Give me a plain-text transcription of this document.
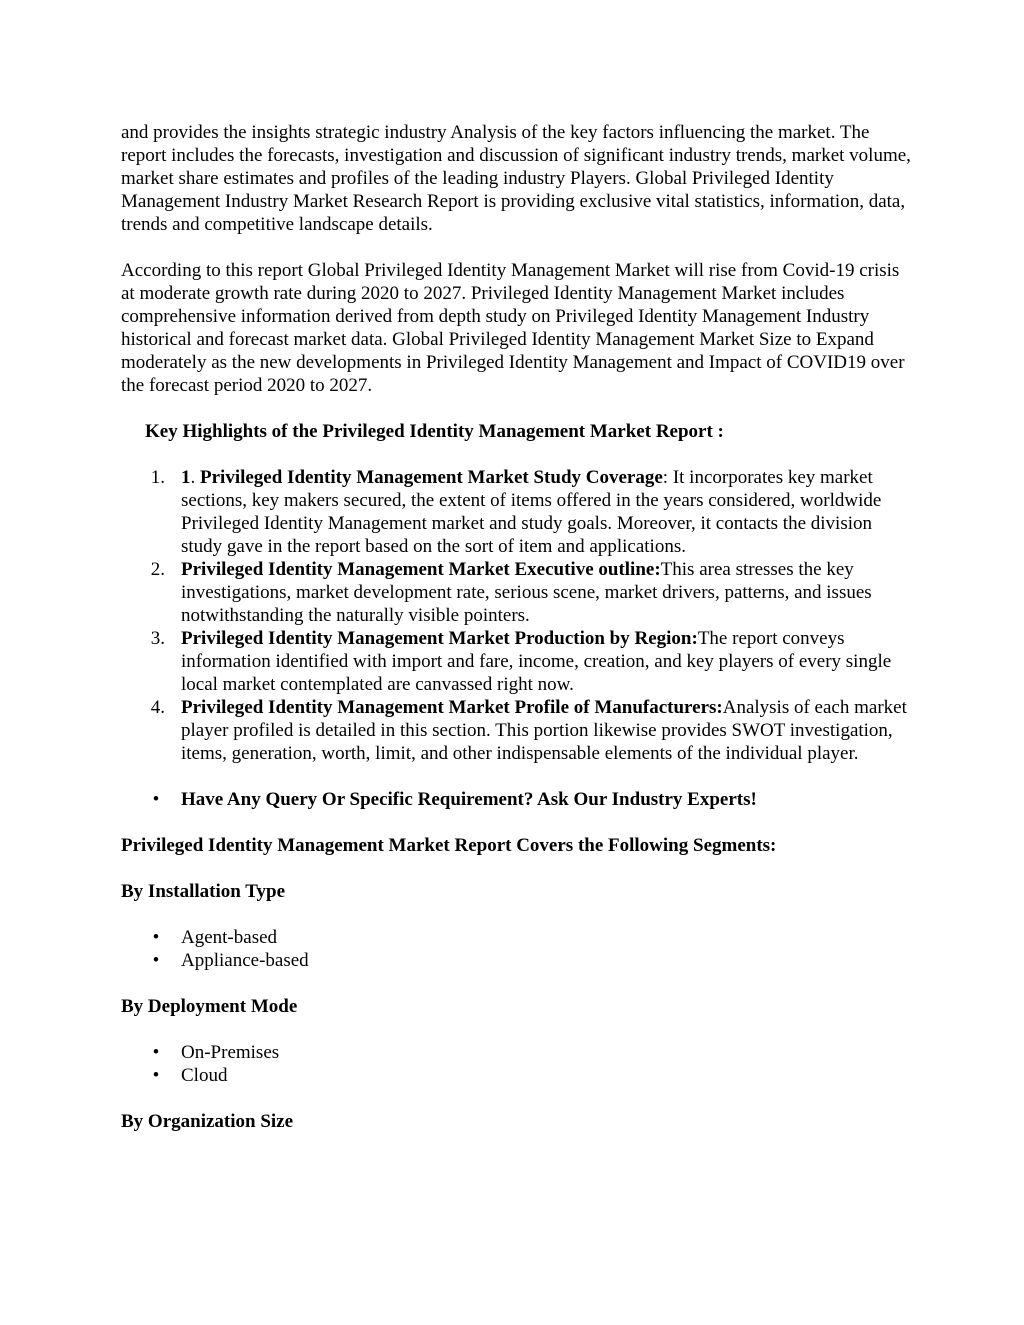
and provides the insights strategic industry Analysis of the key factors influencing the market. The report includes the forecasts, investigation and discussion of significant industry trends, market volume, market share estimates and profiles of the leading industry Players. Global Privileged Identity Management Industry Market Research Report is providing exclusive vital statistics, information, data, trends and competitive landscape details.

According to this report Global Privileged Identity Management Market will rise from Covid-19 crisis at moderate growth rate during 2020 to 2027. Privileged Identity Management Market includes comprehensive information derived from depth study on Privileged Identity Management Industry historical and forecast market data. Global Privileged Identity Management Market Size to Expand moderately as the new developments in Privileged Identity Management and Impact of COVID19 over the forecast period 2020 to 2027.

Key Highlights of the Privileged Identity Management Market Report :

1. 1. Privileged Identity Management Market Study Coverage: It incorporates key market sections, key makers secured, the extent of items offered in the years considered, worldwide Privileged Identity Management market and study goals. Moreover, it contacts the division study gave in the report based on the sort of item and applications.
2. Privileged Identity Management Market Executive outline:This area stresses the key investigations, market development rate, serious scene, market drivers, patterns, and issues notwithstanding the naturally visible pointers.
3. Privileged Identity Management Market Production by Region:The report conveys information identified with import and fare, income, creation, and key players of every single local market contemplated are canvassed right now.
4. Privileged Identity Management Market Profile of Manufacturers:Analysis of each market player profiled is detailed in this section. This portion likewise provides SWOT investigation, items, generation, worth, limit, and other indispensable elements of the individual player.
• Have Any Query Or Specific Requirement? Ask Our Industry Experts!

Privileged Identity Management Market Report Covers the Following Segments:

By Installation Type

• Agent-based
• Appliance-based

By Deployment Mode

• On-Premises
• Cloud

By Organization Size
